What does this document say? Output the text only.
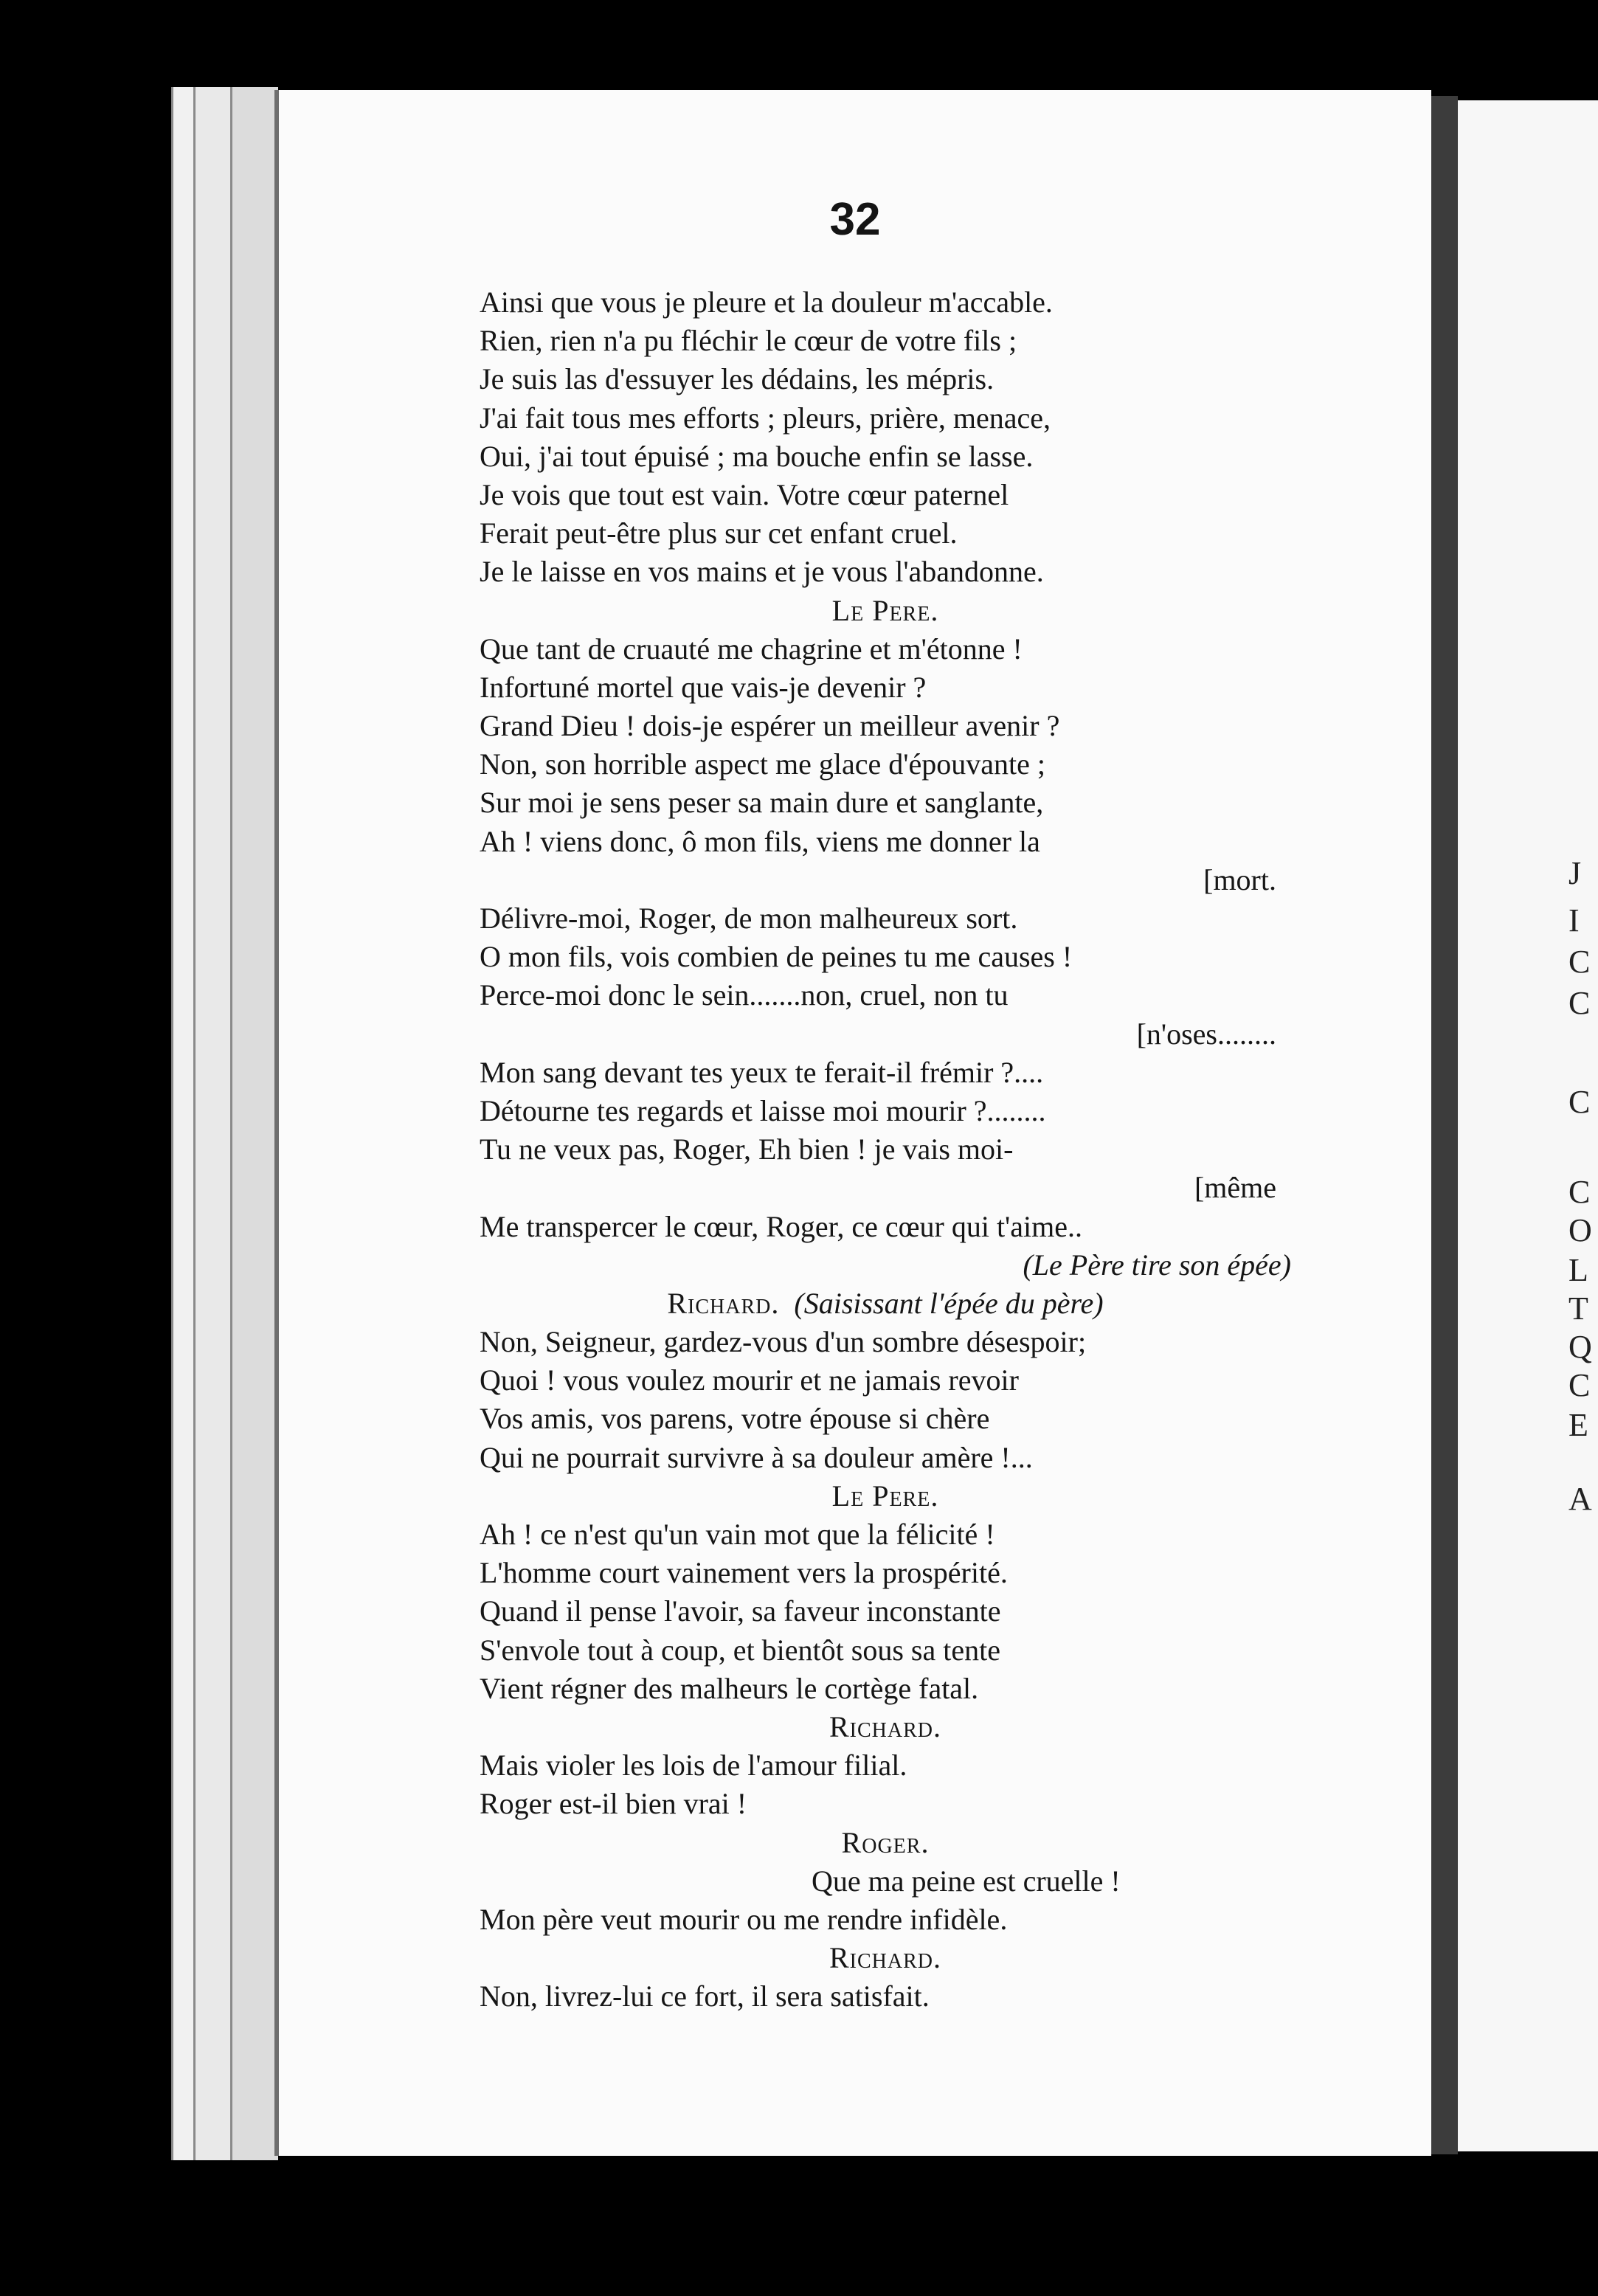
32
Ainsi que vous je pleure et la douleur m'accable.
Rien, rien n'a pu fléchir le cœur de votre fils ;
Je suis las d'essuyer les dédains, les mépris.
J'ai fait tous mes efforts ; pleurs, prière, menace,
Oui, j'ai tout épuisé ; ma bouche enfin se lasse.
Je vois que tout est vain. Votre cœur paternel
Ferait peut-être plus sur cet enfant cruel.
Je le laisse en vos mains et je vous l'abandonne.
Le Pere.
Que tant de cruauté me chagrine et m'étonne !
Infortuné mortel que vais-je devenir ?
Grand Dieu ! dois-je espérer un meilleur avenir ?
Non, son horrible aspect me glace d'épouvante ;
Sur moi je sens peser sa main dure et sanglante,
Ah ! viens donc, ô mon fils, viens me donner la
[mort.
Délivre-moi, Roger, de mon malheureux sort.
O mon fils, vois combien de peines tu me causes !
Perce-moi donc le sein.......non, cruel, non tu
[n'oses........
Mon sang devant tes yeux te ferait-il frémir ?....
Détourne tes regards et laisse moi mourir ?........
Tu ne veux pas, Roger, Eh bien ! je vais moi-
[même
Me transpercer le cœur, Roger, ce cœur qui t'aime..
(Le Père tire son épée)
Richard. (Saisissant l'épée du père)
Non, Seigneur, gardez-vous d'un sombre désespoir;
Quoi ! vous voulez mourir et ne jamais revoir
Vos amis, vos parens, votre épouse si chère
Qui ne pourrait survivre à sa douleur amère !...
Le Pere.
Ah ! ce n'est qu'un vain mot que la félicité !
L'homme court vainement vers la prospérité.
Quand il pense l'avoir, sa faveur inconstante
S'envole tout à coup, et bientôt sous sa tente
Vient régner des malheurs le cortège fatal.
Richard.
Mais violer les lois de l'amour filial.
Roger est-il bien vrai !
Roger.
Que ma peine est cruelle !
Mon père veut mourir ou me rendre infidèle.
Richard.
Non, livrez-lui ce fort, il sera satisfait.
J
I
C
C
C
C
O
L
T
Q
C
E
A
